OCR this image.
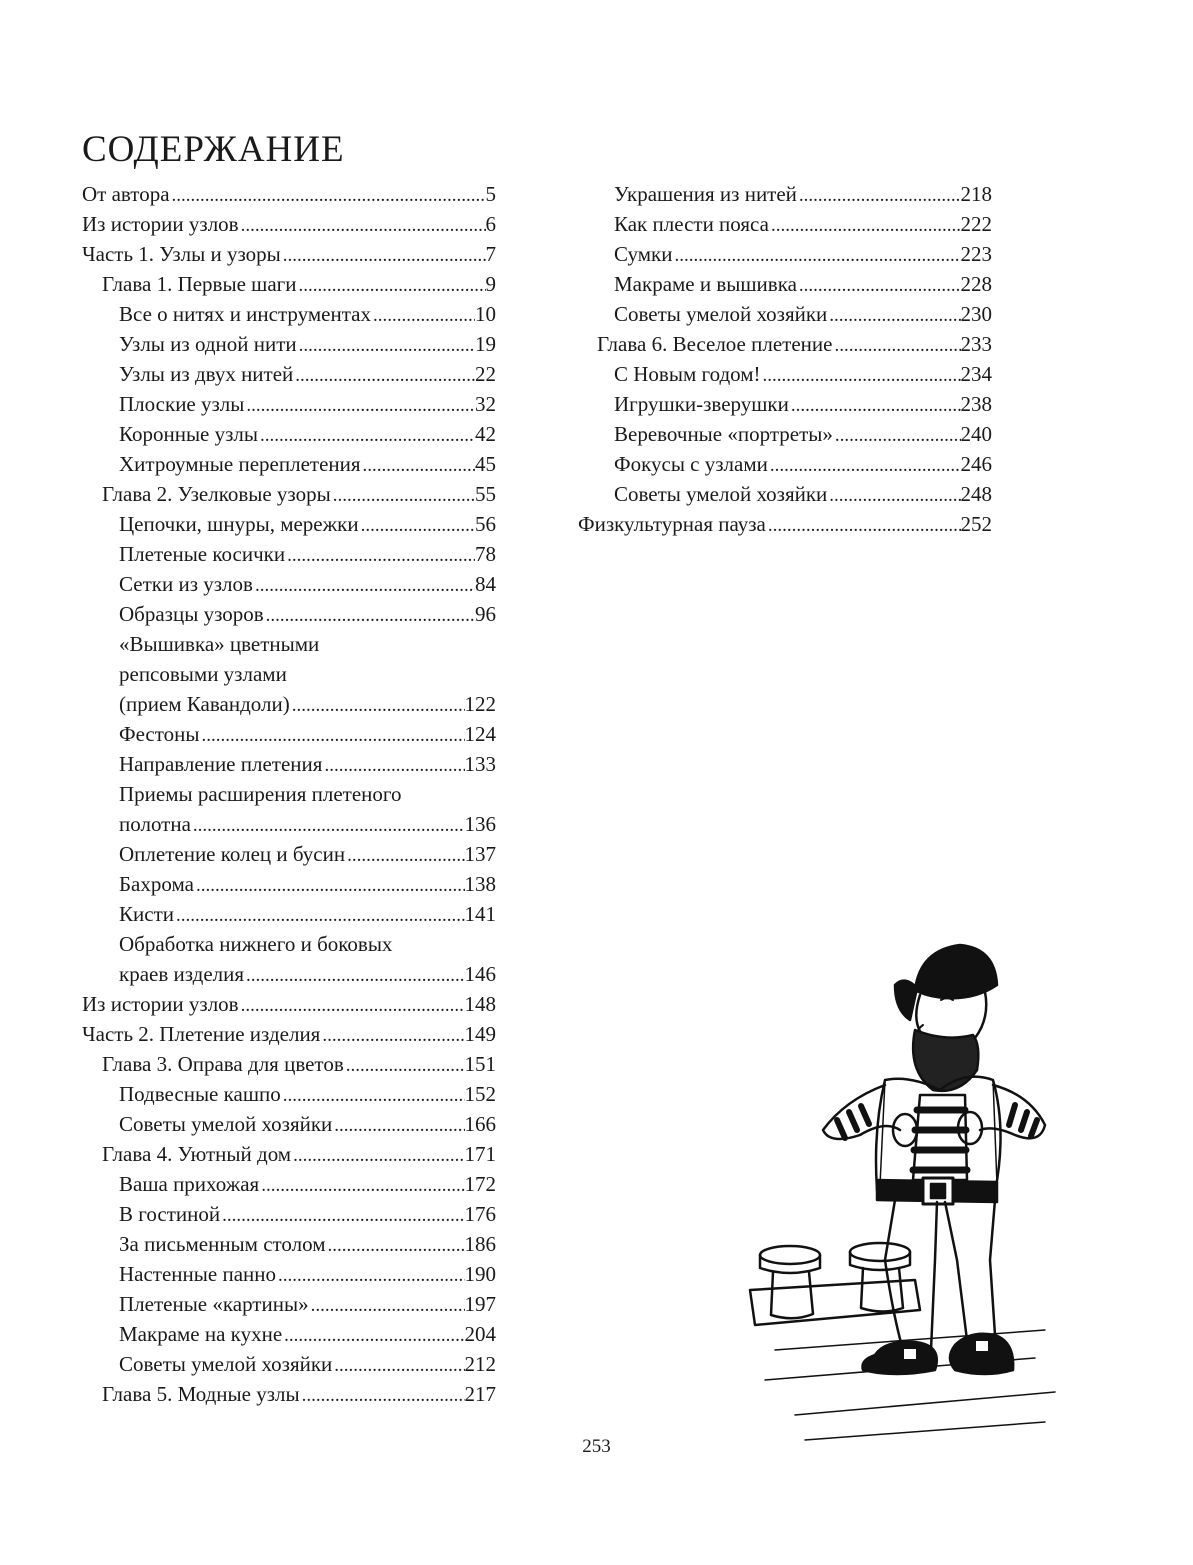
СОДЕРЖАНИЕ
От автора .....	5
Из истории узлов .....	6
Часть 1. Узлы и узоры .....	7
Глава 1. Первые шаги .....	9
Все о нитях и инструментах .....	10
Узлы из одной нити .....	19
Узлы из двух нитей .....	22
Плоские узлы .....	32
Коронные узлы .....	42
Хитроумные переплетения .....	45
Глава 2. Узелковые узоры .....	55
Цепочки, шнуры, мережки .....	56
Плетеные косички .....	78
Сетки из узлов .....	84
Образцы узоров .....	96
«Вышивка» цветными
репсовыми узлами
(прием Кавандоли) .....	122
Фестоны .....	124
Направление плетения .....	133
Приемы расширения плетеного
полотна .....	136
Оплетение колец и бусин .....	137
Бахрома .....	138
Кисти .....	141
Обработка нижнего и боковых
краев изделия .....	146
Из истории узлов .....	148
Часть 2. Плетение изделия .....	149
Глава 3. Оправа для цветов .....	151
Подвесные кашпо .....	152
Советы умелой хозяйки .....	166
Глава 4. Уютный дом .....	171
Ваша прихожая .....	172
В гостиной .....	176
За письменным столом .....	186
Настенные панно .....	190
Плетеные «картины» .....	197
Макраме на кухне .....	204
Советы умелой хозяйки .....	212
Глава 5. Модные узлы .....	217
Украшения из нитей .....	218
Как плести пояса .....	222
Сумки .....	223
Макраме и вышивка .....	228
Советы умелой хозяйки .....	230
Глава 6. Веселое плетение .....	233
С Новым годом! .....	234
Игрушки-зверушки .....	238
Веревочные «портреты» .....	240
Фокусы с узлами .....	246
Советы умелой хозяйки .....	248
Физкультурная пауза .....	252
253
